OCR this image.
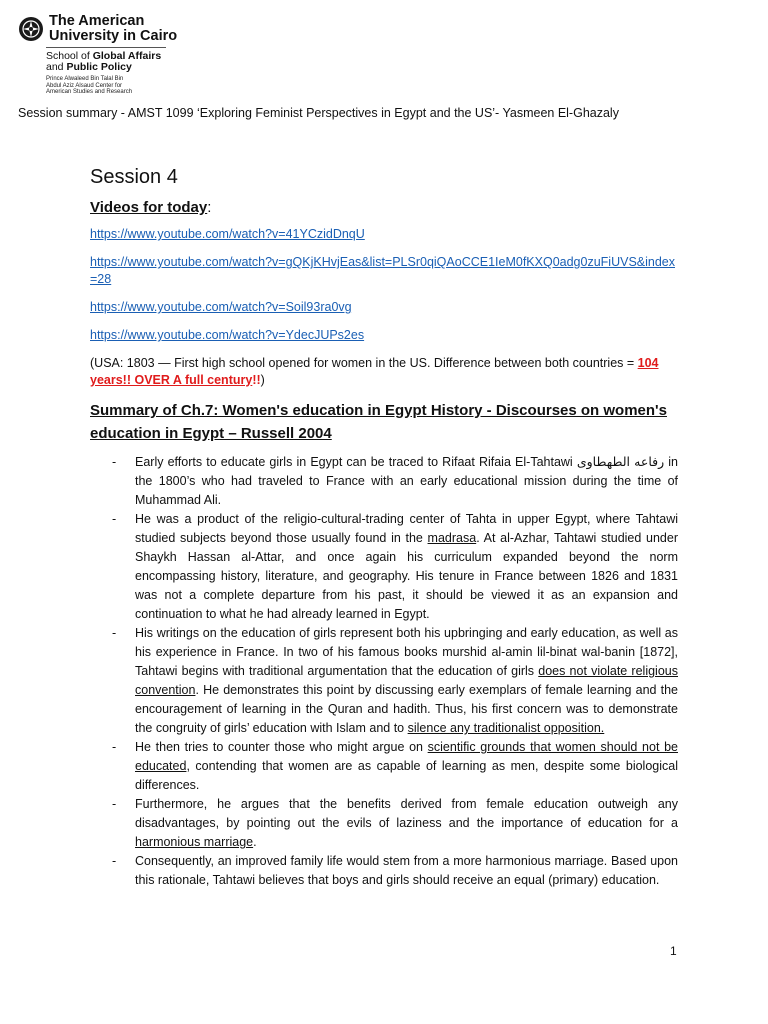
The American
University in Cairo
School of Global Affairs
and Public Policy
Prince Alwaleed Bin Talal Bin
Abdul Aziz Alsaud Center for
American Studies and Research
Session summary - AMST 1099 ‘Exploring Feminist Perspectives in Egypt and the US’- Yasmeen El-Ghazaly
Session 4
Videos for today:
https://www.youtube.com/watch?v=41YCzidDnqU
https://www.youtube.com/watch?v=gQKjKHvjEas&list=PLSr0qiQAoCCE1IeM0fKXQ0adg0zuFiUVS&index=28
https://www.youtube.com/watch?v=Soil93ra0vg
https://www.youtube.com/watch?v=YdecJUPs2es

(USA: 1803 — First high school opened for women in the US. Difference between both countries = 104 years!! OVER A full century!!)

Summary of Ch.7: Women's education in Egypt History - Discourses on women's
education in Egypt – Russell 2004
- Early efforts to educate girls in Egypt can be traced to Rifaat Rifaia El-Tahtawi رفاعه الطهطاوى in the 1800’s who had traveled to France with an early educational mission during the time of Muhammad Ali.
- He was a product of the religio-cultural-trading center of Tahta in upper Egypt, where Tahtawi studied subjects beyond those usually found in the madrasa. At al-Azhar, Tahtawi studied under Shaykh Hassan al-Attar, and once again his curriculum expanded beyond the norm encompassing history, literature, and geography. His tenure in France between 1826 and 1831 was not a complete departure from his past, it should be viewed it as an expansion and continuation to what he had already learned in Egypt.
- His writings on the education of girls represent both his upbringing and early education, as well as his experience in France. In two of his famous books murshid al-amin lil-binat wal-banin [1872], Tahtawi begins with traditional argumentation that the education of girls does not violate religious convention. He demonstrates this point by discussing early exemplars of female learning and the encouragement of learning in the Quran and hadith. Thus, his first concern was to demonstrate the congruity of girls’ education with Islam and to silence any traditionalist opposition.
- He then tries to counter those who might argue on scientific grounds that women should not be educated, contending that women are as capable of learning as men, despite some biological differences.
- Furthermore, he argues that the benefits derived from female education outweigh any disadvantages, by pointing out the evils of laziness and the importance of education for a harmonious marriage.
- Consequently, an improved family life would stem from a more harmonious marriage. Based upon this rationale, Tahtawi believes that boys and girls should receive an equal (primary) education.
1
